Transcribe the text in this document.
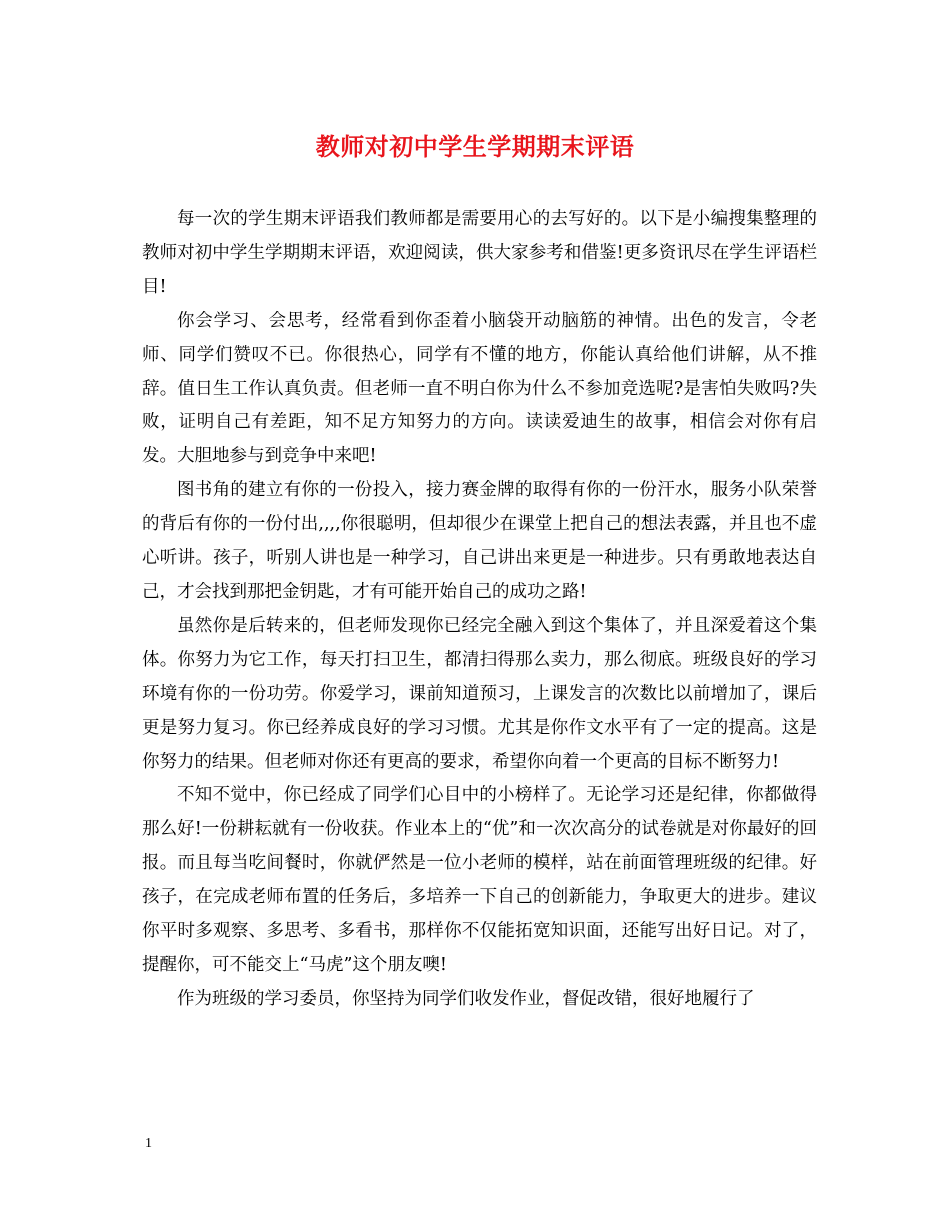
教师对初中学生学期期末评语

每一次的学生期末评语我们教师都是需要用心的去写好的。以下是小编搜集整理的教师对初中学生学期期末评语，欢迎阅读，供大家参考和借鉴!更多资讯尽在学生评语栏目!

你会学习、会思考，经常看到你歪着小脑袋开动脑筋的神情。出色的发言，令老师、同学们赞叹不已。你很热心，同学有不懂的地方，你能认真给他们讲解，从不推辞。值日生工作认真负责。但老师一直不明白你为什么不参加竞选呢?是害怕失败吗?失败，证明自己有差距，知不足方知努力的方向。读读爱迪生的故事，相信会对你有启发。大胆地参与到竞争中来吧!

图书角的建立有你的一份投入，接力赛金牌的取得有你的一份汗水，服务小队荣誉的背后有你的一份付出,,,,你很聪明，但却很少在课堂上把自己的想法表露，并且也不虚心听讲。孩子，听别人讲也是一种学习，自己讲出来更是一种进步。只有勇敢地表达自己，才会找到那把金钥匙，才有可能开始自己的成功之路!

虽然你是后转来的，但老师发现你已经完全融入到这个集体了，并且深爱着这个集体。你努力为它工作，每天打扫卫生，都清扫得那么卖力，那么彻底。班级良好的学习环境有你的一份功劳。你爱学习，课前知道预习，上课发言的次数比以前增加了，课后更是努力复习。你已经养成良好的学习习惯。尤其是你作文水平有了一定的提高。这是你努力的结果。但老师对你还有更高的要求，希望你向着一个更高的目标不断努力!

不知不觉中，你已经成了同学们心目中的小榜样了。无论学习还是纪律，你都做得那么好!一份耕耘就有一份收获。作业本上的“优”和一次次高分的试卷就是对你最好的回报。而且每当吃间餐时，你就俨然是一位小老师的模样，站在前面管理班级的纪律。好孩子，在完成老师布置的任务后，多培养一下自己的创新能力，争取更大的进步。建议你平时多观察、多思考、多看书，那样你不仅能拓宽知识面，还能写出好日记。对了，提醒你，可不能交上“马虎”这个朋友噢!

作为班级的学习委员，你坚持为同学们收发作业，督促改错，很好地履行了

1
